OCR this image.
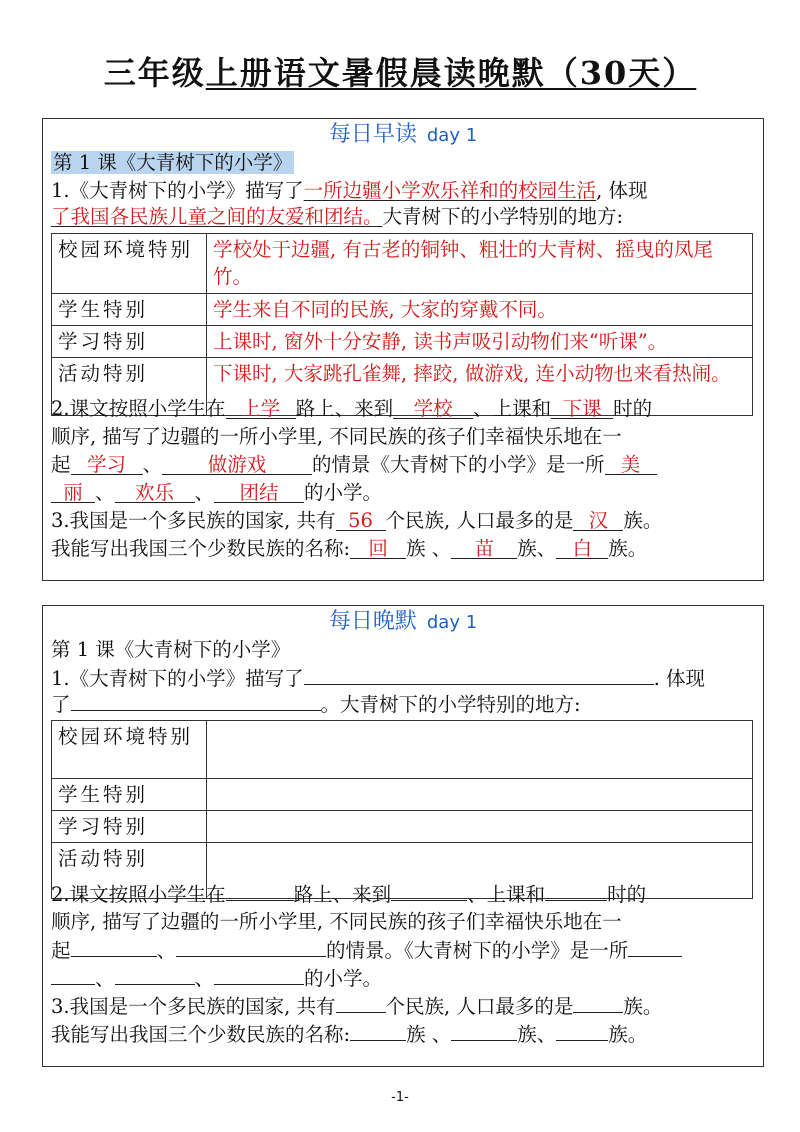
三年级上册语文暑假晨读晚默（30天）
每日早读 day 1
第 1 课《大青树下的小学》
1.《大青树下的小学》描写了一所边疆小学欢乐祥和的校园生活, 体现
了我国各民族儿童之间的友爱和团结。大青树下的小学特别的地方:
校园环境特别	学校处于边疆, 有古老的铜钟、粗壮的大青树、摇曳的凤尾竹。
学生特别	学生来自不同的民族, 大家的穿戴不同。
学习特别	上课时, 窗外十分安静, 读书声吸引动物们来“听课”。
活动特别	下课时, 大家跳孔雀舞, 摔跤, 做游戏, 连小动物也来看热闹。
2.课文按照小学生在 上学 路上、来到 学校 、上课和 下课 时的
顺序, 描写了边疆的一所小学里, 不同民族的孩子们幸福快乐地在一
起 学习 、 做游戏 的情景《大青树下的小学》是一所 美
丽 、 欢乐 、 团结 的小学。
3.我国是一个多民族的国家, 共有 56 个民族, 人口最多的是 汉 族。
我能写出我国三个少数民族的名称: 回 族 、 苗 族、 白 族。
每日晚默 day 1
第 1 课《大青树下的小学》
1.《大青树下的小学》描写了	. 体现
了	。大青树下的小学特别的地方:
校园环境特别	
学生特别	
学习特别	
活动特别	
2.课文按照小学生在	路上、来到	、上课和	时的
顺序, 描写了边疆的一所小学里, 不同民族的孩子们幸福快乐地在一
起	、	的情景。《大青树下的小学》是一所
、	、	的小学。
3.我国是一个多民族的国家, 共有	个民族, 人口最多的是	族。
我能写出我国三个少数民族的名称:	族 、	族、	族。
-1-
